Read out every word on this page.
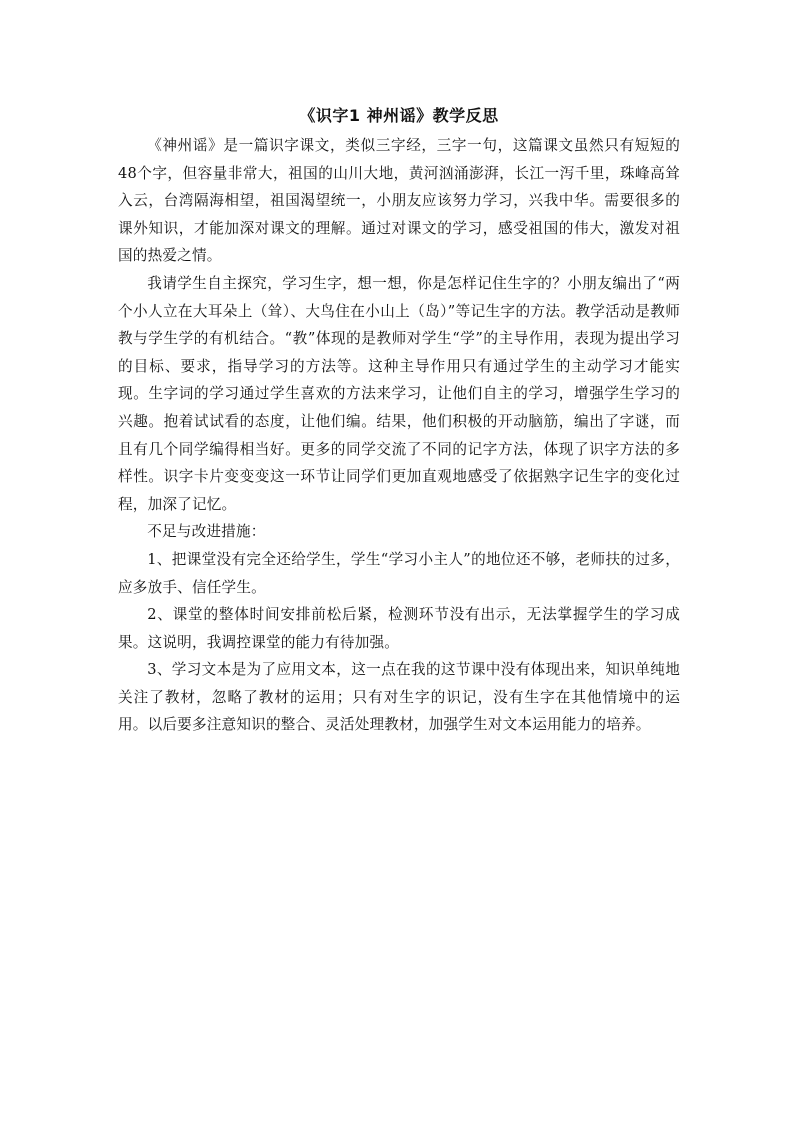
《识字1 神州谣》教学反思

《神州谣》是一篇识字课文，类似三字经，三字一句，这篇课文虽然只有短短的48个字，但容量非常大，祖国的山川大地，黄河汹涌澎湃，长江一泻千里，珠峰高耸入云，台湾隔海相望，祖国渴望统一，小朋友应该努力学习，兴我中华。需要很多的课外知识，才能加深对课文的理解。通过对课文的学习，感受祖国的伟大，激发对祖国的热爱之情。

我请学生自主探究，学习生字，想一想，你是怎样记住生字的？小朋友编出了“两个小人立在大耳朵上（耸）、大鸟住在小山上（岛）”等记生字的方法。教学活动是教师教与学生学的有机结合。“教”体现的是教师对学生“学”的主导作用，表现为提出学习的目标、要求，指导学习的方法等。这种主导作用只有通过学生的主动学习才能实现。生字词的学习通过学生喜欢的方法来学习，让他们自主的学习，增强学生学习的兴趣。抱着试试看的态度，让他们编。结果，他们积极的开动脑筋，编出了字谜，而且有几个同学编得相当好。更多的同学交流了不同的记字方法，体现了识字方法的多样性。识字卡片变变变这一环节让同学们更加直观地感受了依据熟字记生字的变化过程，加深了记忆。

不足与改进措施：

1、把课堂没有完全还给学生，学生“学习小主人”的地位还不够，老师扶的过多，应多放手、信任学生。

2、课堂的整体时间安排前松后紧，检测环节没有出示，无法掌握学生的学习成果。这说明，我调控课堂的能力有待加强。

3、学习文本是为了应用文本，这一点在我的这节课中没有体现出来，知识单纯地关注了教材，忽略了教材的运用；只有对生字的识记，没有生字在其他情境中的运用。以后要多注意知识的整合、灵活处理教材，加强学生对文本运用能力的培养。
